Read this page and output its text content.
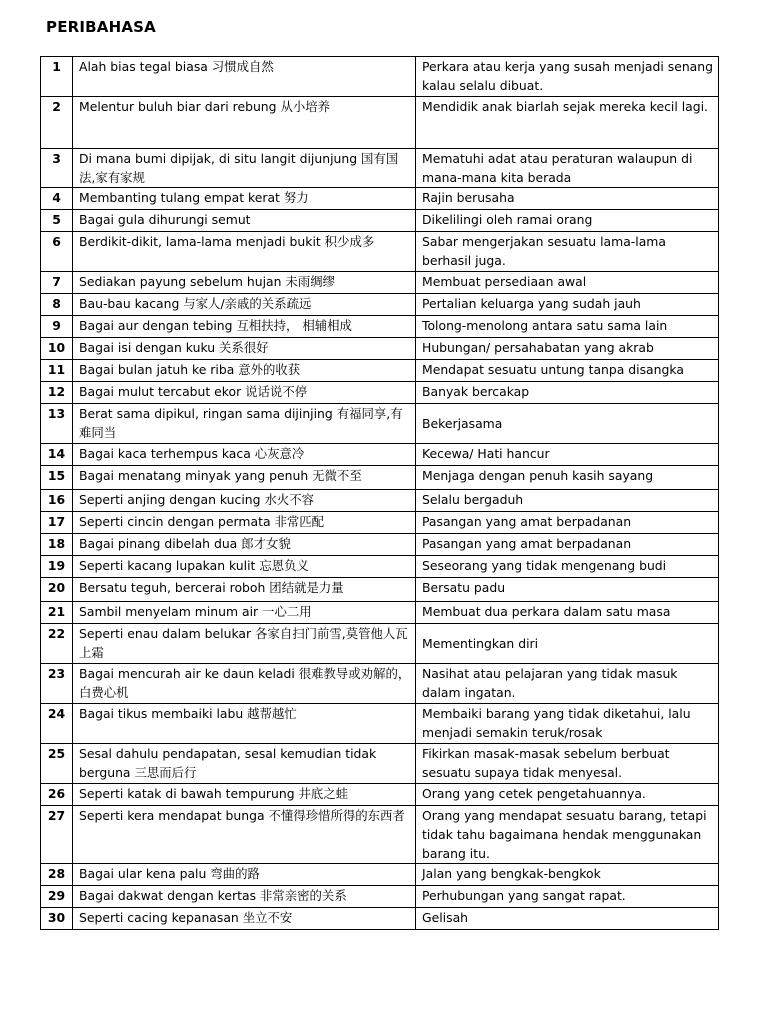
PERIBAHASA
1	Alah bias tegal biasa 习惯成自然	Perkara atau kerja yang susah menjadi senang kalau selalu dibuat.
2	Melentur buluh biar dari rebung 从小培养	Mendidik anak biarlah sejak mereka kecil lagi.
3	Di mana bumi dipijak, di situ langit dijunjung 国有国法,家有家规	Mematuhi adat atau peraturan walaupun di mana-mana kita berada
4	Membanting tulang empat kerat 努力	Rajin berusaha
5	Bagai gula dihurungi semut	Dikelilingi oleh ramai orang
6	Berdikit-dikit, lama-lama menjadi bukit 积少成多	Sabar mengerjakan sesuatu lama-lama berhasil juga.
7	Sediakan payung sebelum hujan 未雨绸缪	Membuat persediaan awal
8	Bau-bau kacang 与家人/亲戚的关系疏远	Pertalian keluarga yang sudah jauh
9	Bagai aur dengan tebing 互相扶持， 相辅相成	Tolong-menolong antara satu sama lain
10	Bagai isi dengan kuku 关系很好	Hubungan/ persahabatan yang akrab
11	Bagai bulan jatuh ke riba 意外的收获	Mendapat sesuatu untung tanpa disangka
12	Bagai mulut tercabut ekor 说话说不停	Banyak bercakap
13	Berat sama dipikul, ringan sama dijinjing 有福同享,有难同当	Bekerjasama
14	Bagai kaca terhempus kaca 心灰意冷	Kecewa/ Hati hancur
15	Bagai menatang minyak yang penuh 无微不至	Menjaga dengan penuh kasih sayang
16	Seperti anjing dengan kucing 水火不容	Selalu bergaduh
17	Seperti cincin dengan permata 非常匹配	Pasangan yang amat berpadanan
18	Bagai pinang dibelah dua 郎才女貌	Pasangan yang amat berpadanan
19	Seperti kacang lupakan kulit 忘恩负义	Seseorang yang tidak mengenang budi
20	Bersatu teguh, bercerai roboh 团结就是力量	Bersatu padu
21	Sambil menyelam minum air 一心二用	Membuat dua perkara dalam satu masa
22	Seperti enau dalam belukar 各家自扫门前雪,莫管他人瓦上霜	Mementingkan diri
23	Bagai mencurah air ke daun keladi 很难教导或劝解的，白费心机	Nasihat atau pelajaran yang tidak masuk dalam ingatan.
24	Bagai tikus membaiki labu 越帮越忙	Membaiki barang yang tidak diketahui, lalu menjadi semakin teruk/rosak
25	Sesal dahulu pendapatan, sesal kemudian tidak berguna 三思而后行	Fikirkan masak-masak sebelum berbuat sesuatu supaya tidak menyesal.
26	Seperti katak di bawah tempurung 井底之蛙	Orang yang cetek pengetahuannya.
27	Seperti kera mendapat bunga 不懂得珍惜所得的东西者	Orang yang mendapat sesuatu barang, tetapi tidak tahu bagaimana hendak menggunakan barang itu.
28	Bagai ular kena palu 弯曲的路	Jalan yang bengkak-bengkok
29	Bagai dakwat dengan kertas 非常亲密的关系	Perhubungan yang sangat rapat.
30	Seperti cacing kepanasan 坐立不安	Gelisah
